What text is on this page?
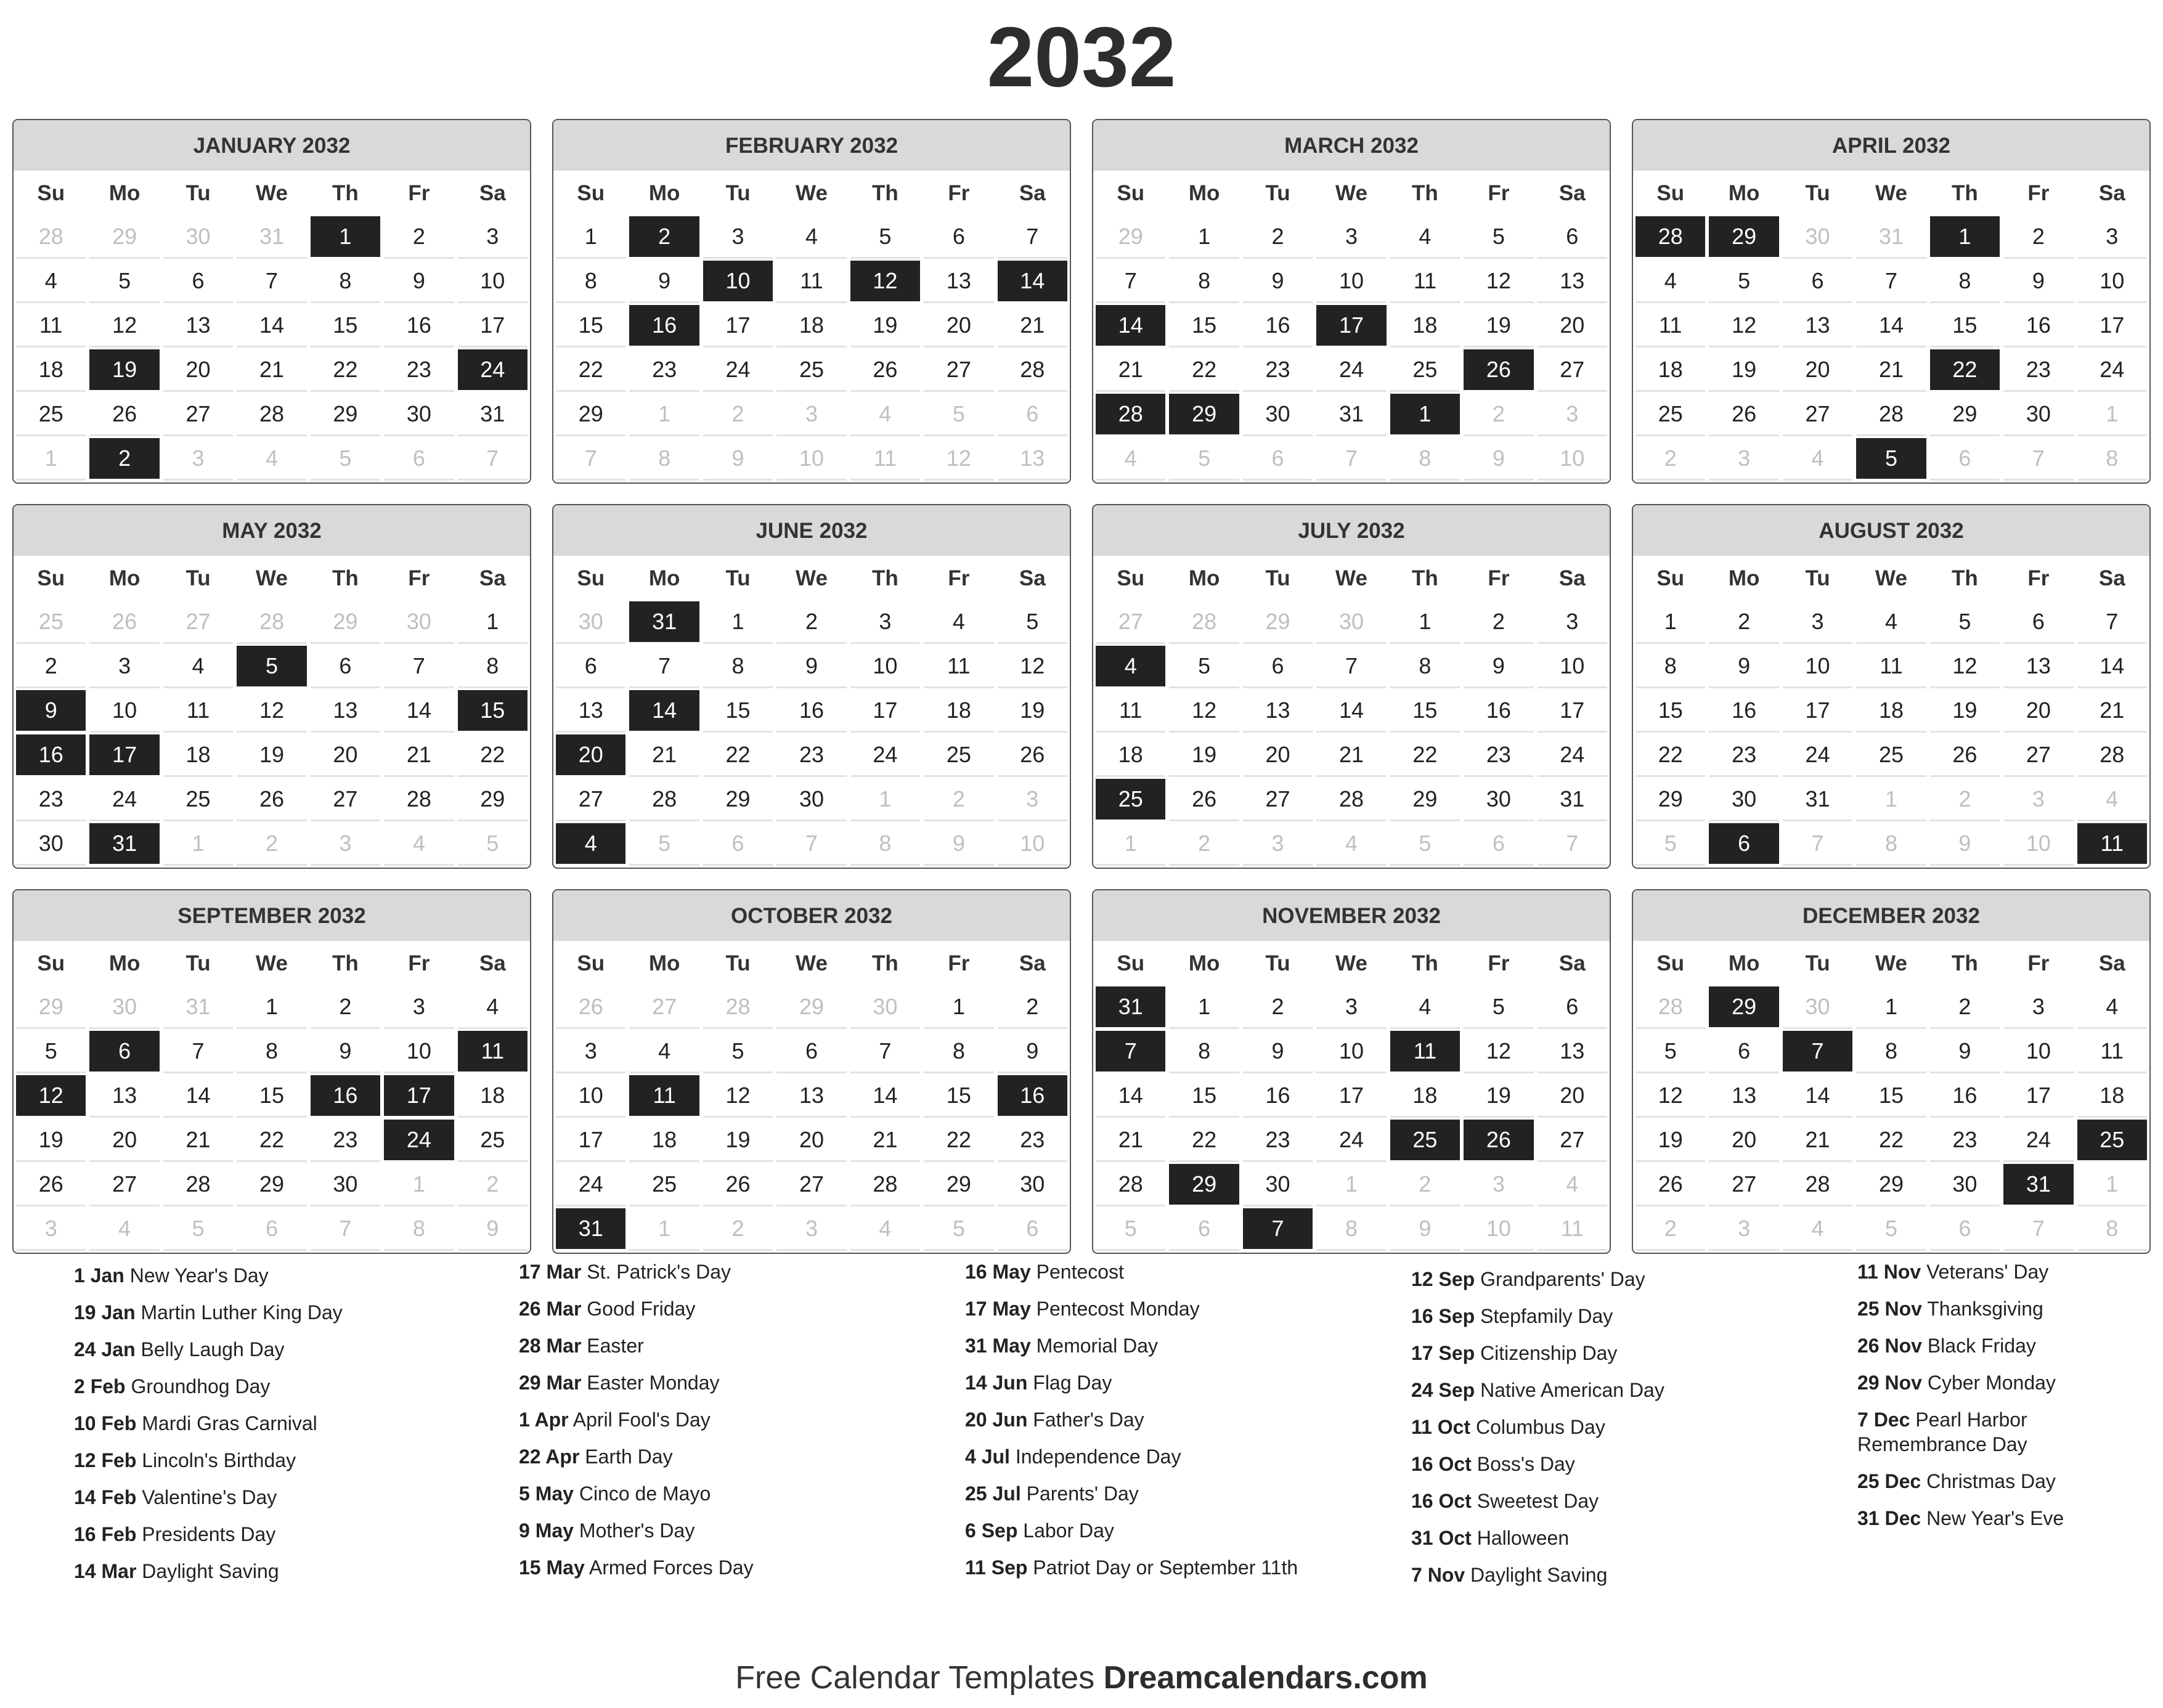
2032
JANUARY 2032
Su	Mo	Tu	We	Th	Fr	Sa
28	29	30	31	1	2	3
4	5	6	7	8	9	10
11	12	13	14	15	16	17
18	19	20	21	22	23	24
25	26	27	28	29	30	31
1	2	3	4	5	6	7
FEBRUARY 2032
Su	Mo	Tu	We	Th	Fr	Sa
1	2	3	4	5	6	7
8	9	10	11	12	13	14
15	16	17	18	19	20	21
22	23	24	25	26	27	28
29	1	2	3	4	5	6
7	8	9	10	11	12	13
MARCH 2032
Su	Mo	Tu	We	Th	Fr	Sa
29	1	2	3	4	5	6
7	8	9	10	11	12	13
14	15	16	17	18	19	20
21	22	23	24	25	26	27
28	29	30	31	1	2	3
4	5	6	7	8	9	10
APRIL 2032
Su	Mo	Tu	We	Th	Fr	Sa
28	29	30	31	1	2	3
4	5	6	7	8	9	10
11	12	13	14	15	16	17
18	19	20	21	22	23	24
25	26	27	28	29	30	1
2	3	4	5	6	7	8
MAY 2032
Su	Mo	Tu	We	Th	Fr	Sa
25	26	27	28	29	30	1
2	3	4	5	6	7	8
9	10	11	12	13	14	15
16	17	18	19	20	21	22
23	24	25	26	27	28	29
30	31	1	2	3	4	5
JUNE 2032
Su	Mo	Tu	We	Th	Fr	Sa
30	31	1	2	3	4	5
6	7	8	9	10	11	12
13	14	15	16	17	18	19
20	21	22	23	24	25	26
27	28	29	30	1	2	3
4	5	6	7	8	9	10
JULY 2032
Su	Mo	Tu	We	Th	Fr	Sa
27	28	29	30	1	2	3
4	5	6	7	8	9	10
11	12	13	14	15	16	17
18	19	20	21	22	23	24
25	26	27	28	29	30	31
1	2	3	4	5	6	7
AUGUST 2032
Su	Mo	Tu	We	Th	Fr	Sa
1	2	3	4	5	6	7
8	9	10	11	12	13	14
15	16	17	18	19	20	21
22	23	24	25	26	27	28
29	30	31	1	2	3	4
5	6	7	8	9	10	11
SEPTEMBER 2032
Su	Mo	Tu	We	Th	Fr	Sa
29	30	31	1	2	3	4
5	6	7	8	9	10	11
12	13	14	15	16	17	18
19	20	21	22	23	24	25
26	27	28	29	30	1	2
3	4	5	6	7	8	9
OCTOBER 2032
Su	Mo	Tu	We	Th	Fr	Sa
26	27	28	29	30	1	2
3	4	5	6	7	8	9
10	11	12	13	14	15	16
17	18	19	20	21	22	23
24	25	26	27	28	29	30
31	1	2	3	4	5	6
NOVEMBER 2032
Su	Mo	Tu	We	Th	Fr	Sa
31	1	2	3	4	5	6
7	8	9	10	11	12	13
14	15	16	17	18	19	20
21	22	23	24	25	26	27
28	29	30	1	2	3	4
5	6	7	8	9	10	11
DECEMBER 2032
Su	Mo	Tu	We	Th	Fr	Sa
28	29	30	1	2	3	4
5	6	7	8	9	10	11
12	13	14	15	16	17	18
19	20	21	22	23	24	25
26	27	28	29	30	31	1
2	3	4	5	6	7	8
1 Jan New Year's Day
19 Jan Martin Luther King Day
24 Jan Belly Laugh Day
2 Feb Groundhog Day
10 Feb Mardi Gras Carnival
12 Feb Lincoln's Birthday
14 Feb Valentine's Day
16 Feb Presidents Day
14 Mar Daylight Saving
17 Mar St. Patrick's Day
26 Mar Good Friday
28 Mar Easter
29 Mar Easter Monday
1 Apr April Fool's Day
22 Apr Earth Day
5 May Cinco de Mayo
9 May Mother's Day
15 May Armed Forces Day
16 May Pentecost
17 May Pentecost Monday
31 May Memorial Day
14 Jun Flag Day
20 Jun Father's Day
4 Jul Independence Day
25 Jul Parents' Day
6 Sep Labor Day
11 Sep Patriot Day or September 11th
12 Sep Grandparents' Day
16 Sep Stepfamily Day
17 Sep Citizenship Day
24 Sep Native American Day
11 Oct Columbus Day
16 Oct Boss's Day
16 Oct Sweetest Day
31 Oct Halloween
7 Nov Daylight Saving
11 Nov Veterans' Day
25 Nov Thanksgiving
26 Nov Black Friday
29 Nov Cyber Monday
7 Dec Pearl Harbor Remembrance Day
25 Dec Christmas Day
31 Dec New Year's Eve
Free Calendar Templates Dreamcalendars.com
